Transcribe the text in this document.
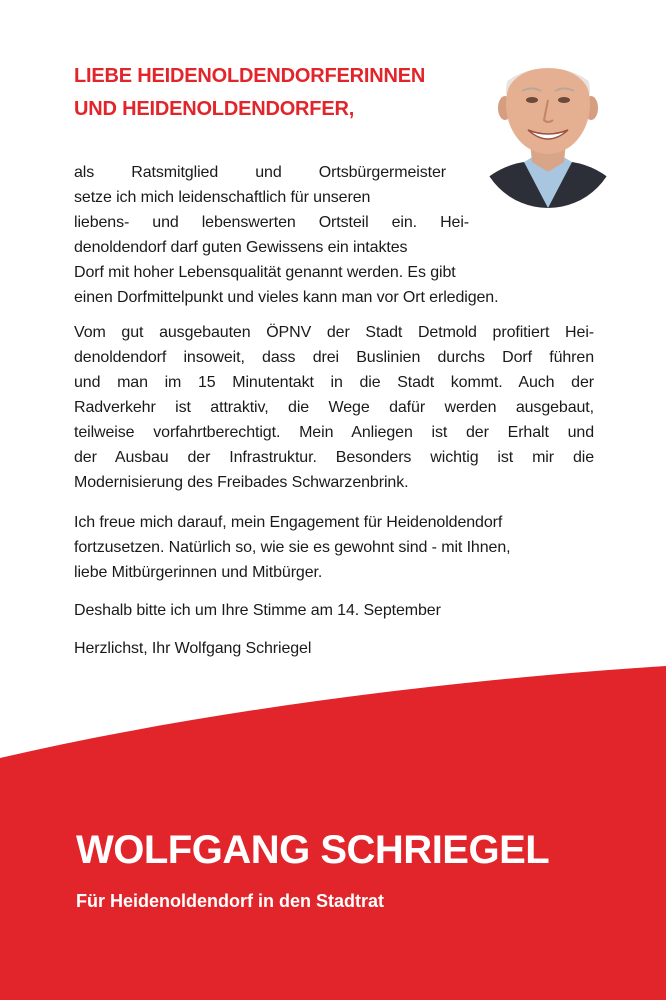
LIEBE HEIDENOLDENDORFERINNEN
UND HEIDENOLDENDORFER,

als Ratsmitglied und Ortsbürgermeister
setze ich mich leidenschaftlich für unseren
liebens- und lebenswerten Ortsteil ein. Hei-
denoldendorf darf guten Gewissens ein intaktes
Dorf mit hoher Lebensqualität genannt werden. Es gibt
einen Dorfmittelpunkt und vieles kann man vor Ort erledigen.

Vom gut ausgebauten ÖPNV der Stadt Detmold profitiert Hei-
denoldendorf insoweit, dass drei Buslinien durchs Dorf führen
und man im 15 Minutentakt in die Stadt kommt. Auch der
Radverkehr ist attraktiv, die Wege dafür werden ausgebaut,
teilweise vorfahrtberechtigt. Mein Anliegen ist der Erhalt und
der Ausbau der Infrastruktur. Besonders wichtig ist mir die
Modernisierung des Freibades Schwarzenbrink.

Ich freue mich darauf, mein Engagement für Heidenoldendorf
fortzusetzen. Natürlich so, wie sie es gewohnt sind - mit Ihnen,
liebe Mitbürgerinnen und Mitbürger.

Deshalb bitte ich um Ihre Stimme am 14. September

Herzlichst, Ihr Wolfgang Schriegel

WOLFGANG SCHRIEGEL

Für Heidenoldendorf in den Stadtrat
